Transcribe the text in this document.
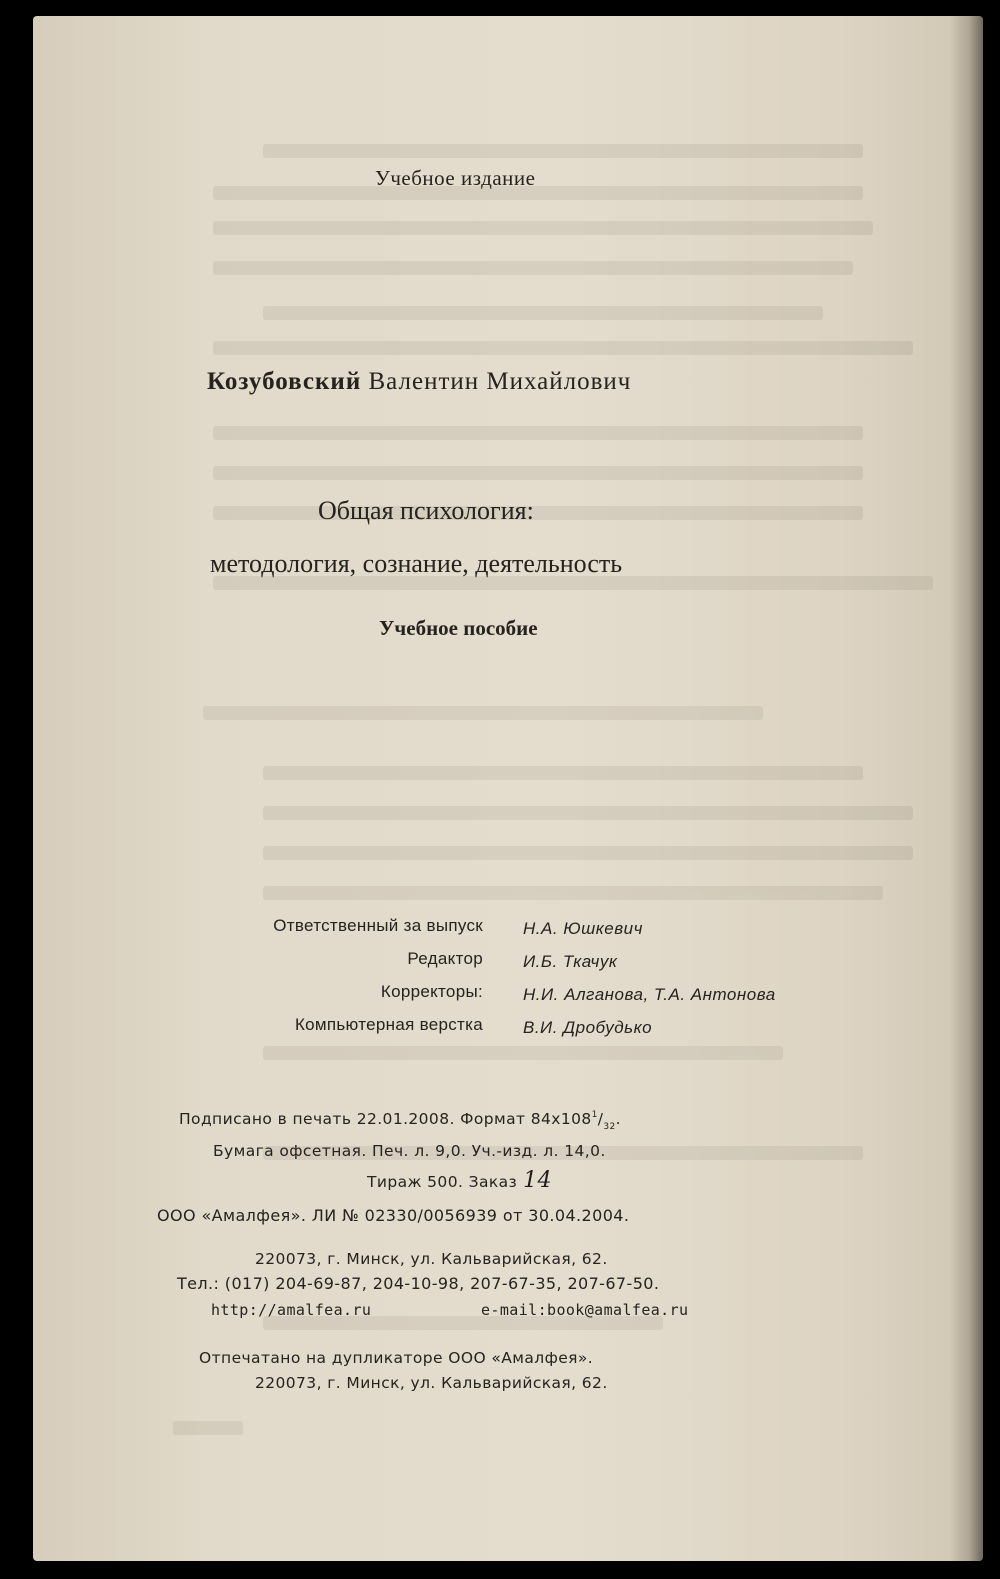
Учебное издание
Козубовский Валентин Михайлович
Общая психология:
методология, сознание, деятельность
Учебное пособие
Ответственный за выпуск Н.А. Юшкевич
Редактор И.Б. Ткачук
Корректоры: Н.И. Алганова, Т.А. Антонова
Компьютерная верстка В.И. Дробудько
Подписано в печать 22.01.2008. Формат $84х108^1/_{32}$.
Бумага офсетная. Печ. л. 9,0. Уч.-изд. л. 14,0.
Тираж 500. Заказ 14
ООО «Амалфея». ЛИ № 02330/0056939 от 30.04.2004.
220073, г. Минск, ул. Кальварийская, 62.
Тел.: (017) 204-69-87, 204-10-98, 207-67-35, 207-67-50.
http://amalfea.ru	e-mail:book@amalfea.ru
Отпечатано на дупликаторе ООО «Амалфея».
220073, г. Минск, ул. Кальварийская, 62.
